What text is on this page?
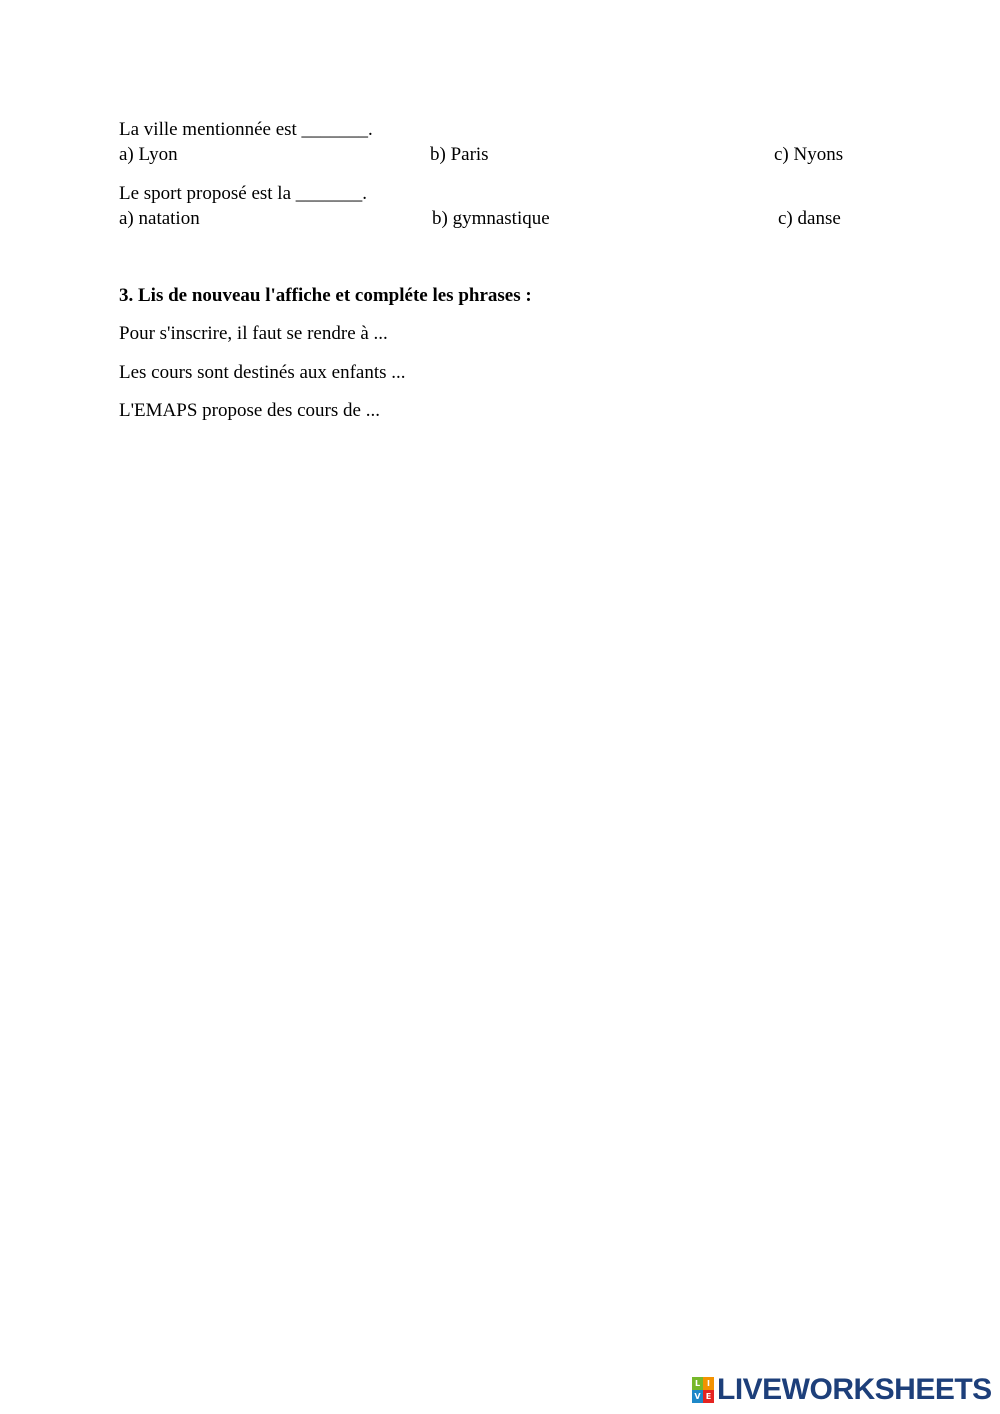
La ville mentionnée est _______.
a) Lyon	b) Paris	c) Nyons
Le sport proposé est la _______.
a) natation	b) gymnastique	c) danse
3. Lis de nouveau l'affiche et compléte les phrases :
Pour s'inscrire, il faut se rendre à ...
Les cours sont destinés aux enfants ...
L'EMAPS propose des cours de ...
L I
V E LIVEWORKSHEETS
